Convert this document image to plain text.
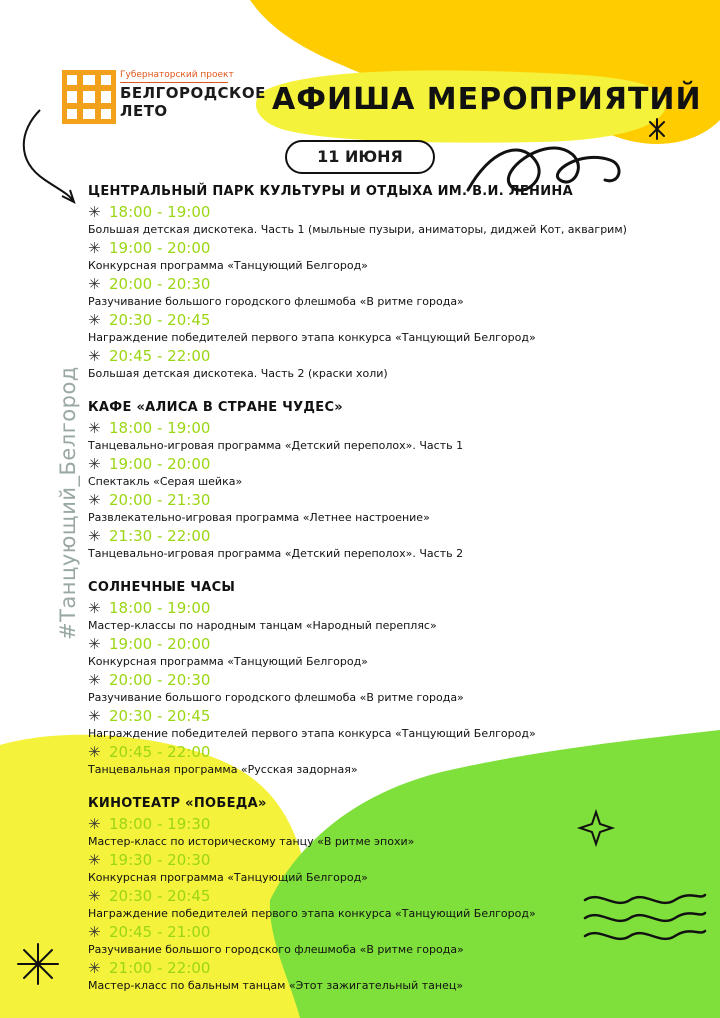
Губернаторский проект
БЕЛГОРОДСКОЕ
ЛЕТО	АФИША МЕРОПРИЯТИЙ
11 ИЮНЯ
#Танцующий_Белгород
ЦЕНТРАЛЬНЫЙ ПАРК КУЛЬТУРЫ И ОТДЫХА ИМ. В.И. ЛЕНИНА
✳ 18:00 - 19:00
Большая детская дискотека. Часть 1 (мыльные пузыри, аниматоры, диджей Кот, аквагрим)
✳ 19:00 - 20:00
Конкурсная программа «Танцующий Белгород»
✳ 20:00 - 20:30
Разучивание большого городского флешмоба «В ритме города»
✳ 20:30 - 20:45
Награждение победителей первого этапа конкурса «Танцующий Белгород»
✳ 20:45 - 22:00
Большая детская дискотека. Часть 2 (краски холи)
КАФЕ «АЛИСА В СТРАНЕ ЧУДЕС»
✳ 18:00 - 19:00
Танцевально-игровая программа «Детский переполох». Часть 1
✳ 19:00 - 20:00
Спектакль «Серая шейка»
✳ 20:00 - 21:30
Развлекательно-игровая программа «Летнее настроение»
✳ 21:30 - 22:00
Танцевально-игровая программа «Детский переполох». Часть 2
СОЛНЕЧНЫЕ ЧАСЫ
✳ 18:00 - 19:00
Мастер-классы по народным танцам «Народный перепляс»
✳ 19:00 - 20:00
Конкурсная программа «Танцующий Белгород»
✳ 20:00 - 20:30
Разучивание большого городского флешмоба «В ритме города»
✳ 20:30 - 20:45
Награждение победителей первого этапа конкурса «Танцующий Белгород»
✳ 20:45 - 22:00
Танцевальная программа «Русская задорная»
КИНОТЕАТР «ПОБЕДА»
✳ 18:00 - 19:30
Мастер-класс по историческому танцу «В ритме эпохи»
✳ 19:30 - 20:30
Конкурсная программа «Танцующий Белгород»
✳ 20:30 - 20:45
Награждение победителей первого этапа конкурса «Танцующий Белгород»
✳ 20:45 - 21:00
Разучивание большого городского флешмоба «В ритме города»
✳ 21:00 - 22:00
Мастер-класс по бальным танцам «Этот зажигательный танец»
